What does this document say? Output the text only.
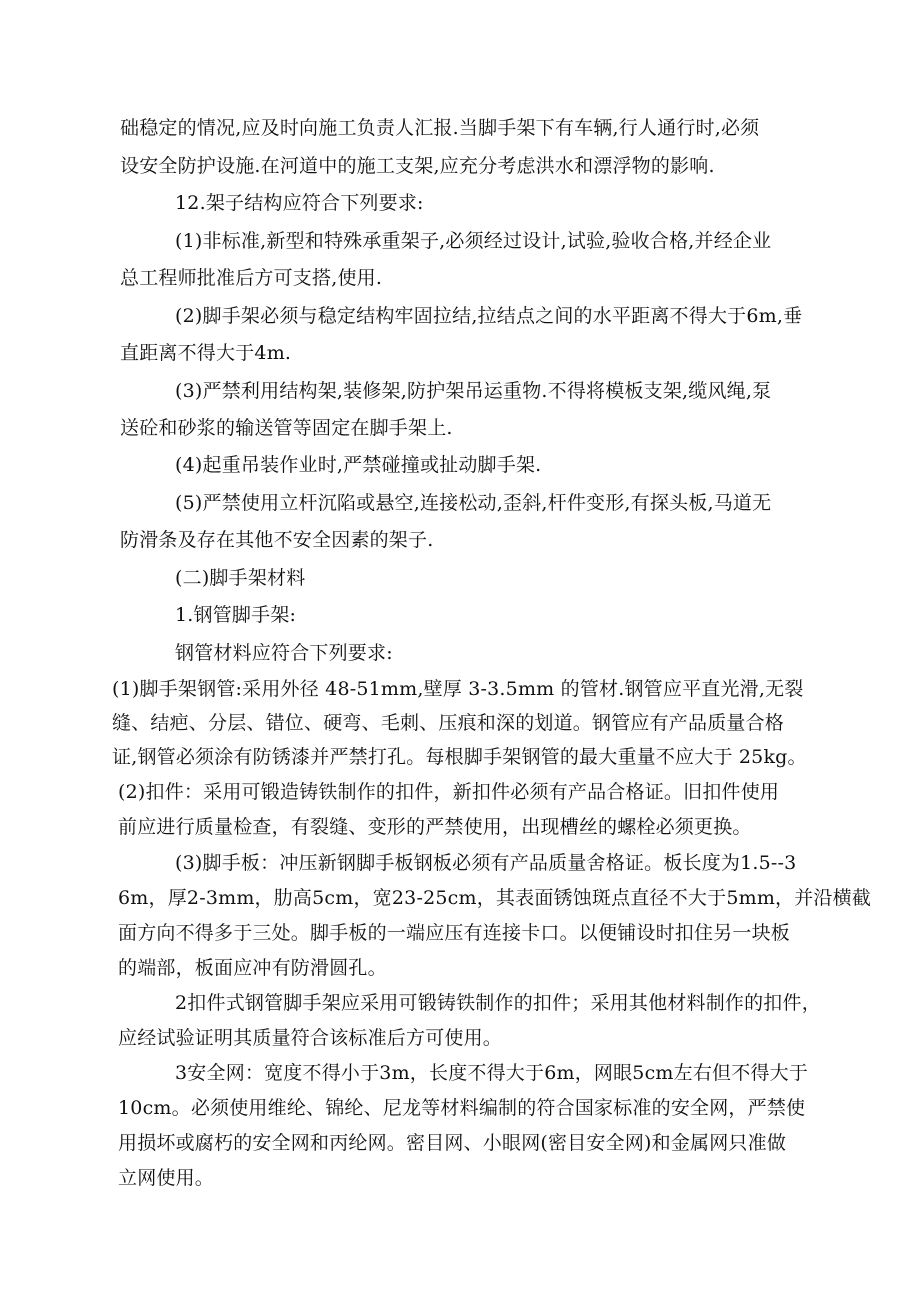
础稳定的情况,应及时向施工负责人汇报.当脚手架下有车辆,行人通行时,必须
设安全防护设施.在河道中的施工支架,应充分考虑洪水和漂浮物的影响.
12.架子结构应符合下列要求:
(1)非标准,新型和特殊承重架子,必须经过设计,试验,验收合格,并经企业
总工程师批准后方可支搭,使用.
(2)脚手架必须与稳定结构牢固拉结,拉结点之间的水平距离不得大于6m,垂
直距离不得大于4m.
(3)严禁利用结构架,装修架,防护架吊运重物.不得将模板支架,缆风绳,泵
送砼和砂浆的输送管等固定在脚手架上.
(4)起重吊装作业时,严禁碰撞或扯动脚手架.
(5)严禁使用立杆沉陷或悬空,连接松动,歪斜,杆件变形,有探头板,马道无
防滑条及存在其他不安全因素的架子.
(二)脚手架材料
1.钢管脚手架:
钢管材料应符合下列要求:
(1)脚手架钢管:采用外径 48-51mm,壁厚 3-3.5mm 的管材.钢管应平直光滑,无裂
缝、结疤、分层、错位、硬弯、毛刺、压痕和深的划道。钢管应有产品质量合格
证,钢管必须涂有防锈漆并严禁打孔。每根脚手架钢管的最大重量不应大于 25kg。
(2)扣件：采用可锻造铸铁制作的扣件，新扣件必须有产品合格证。旧扣件使用
前应进行质量检查，有裂缝、变形的严禁使用，出现槽丝的螺栓必须更换。
(3)脚手板：冲压新钢脚手板钢板必须有产品质量舍格证。板长度为1.5--3
6m，厚2-3mm，肋高5cm，宽23-25cm，其表面锈蚀斑点直径不大于5mm，并沿横截
面方向不得多于三处。脚手板的一端应压有连接卡口。以便铺设时扣住另一块板
的端部，板面应冲有防滑圆孔。
2扣件式钢管脚手架应采用可锻铸铁制作的扣件；采用其他材料制作的扣件，
应经试验证明其质量符合该标准后方可使用。
3安全网：宽度不得小于3m，长度不得大于6m，网眼5cm左右但不得大于
10cm。必须使用维纶、锦纶、尼龙等材料编制的符合国家标准的安全网，严禁使
用损坏或腐朽的安全网和丙纶网。密目网、小眼网(密目安全网)和金属网只准做
立网使用。
